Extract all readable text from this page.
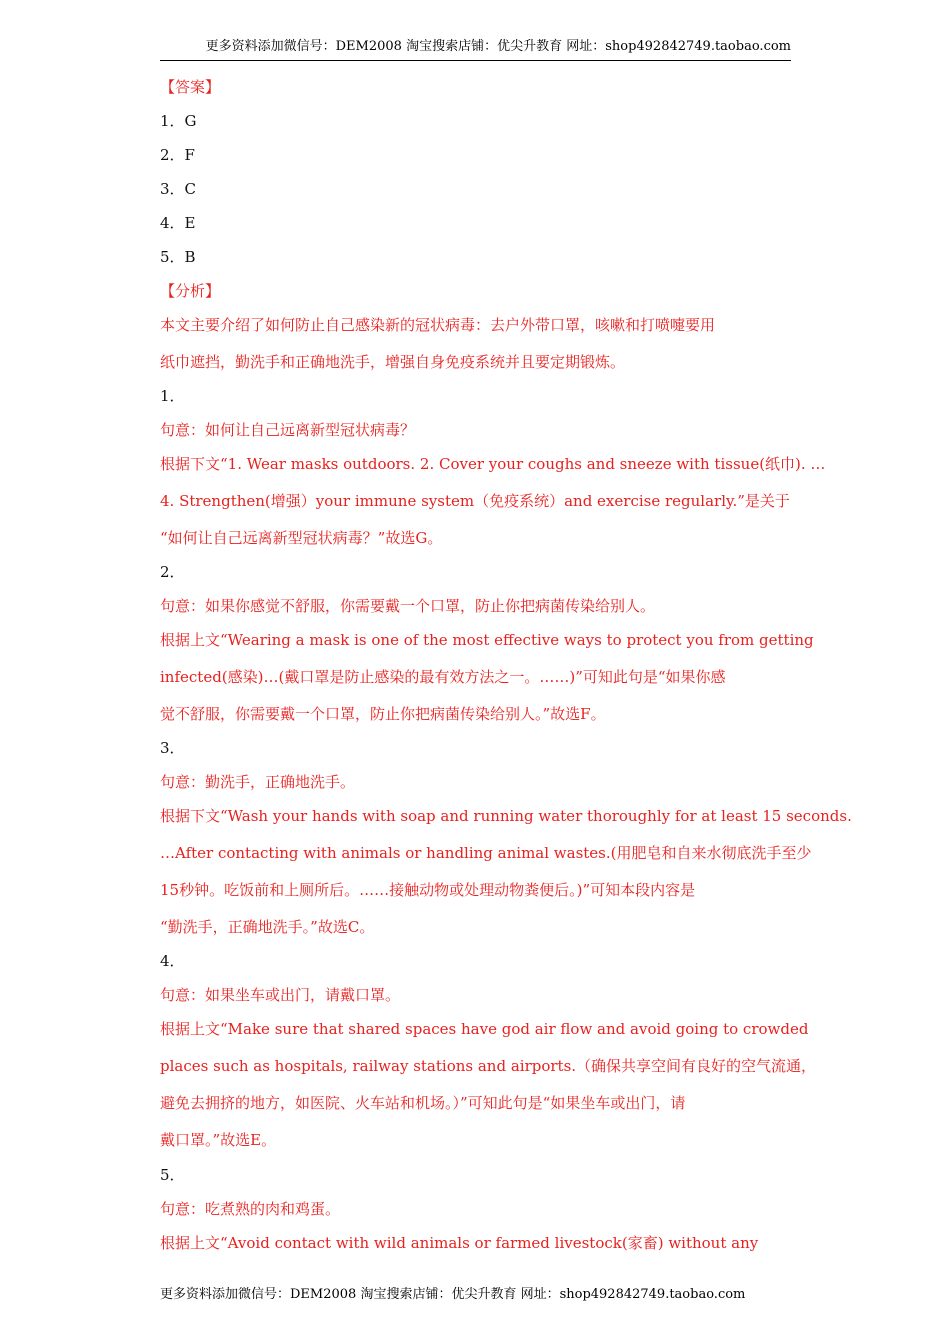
更多资料添加微信号：DEM2008 淘宝搜索店铺：优尖升教育 网址：shop492842749.taobao.com
【答案】
1．G
2．F
3．C
4．E
5．B
【分析】
本文主要介绍了如何防止自己感染新的冠状病毒：去户外带口罩，咳嗽和打喷嚏要用
纸巾遮挡，勤洗手和正确地洗手，增强自身免疫系统并且要定期锻炼。
1．
句意：如何让自己远离新型冠状病毒？
根据下文“1. Wear masks outdoors. 2. Cover your coughs and sneeze with tissue(纸巾). …
4. Strengthen(增强）your immune system（免疫系统）and exercise regularly.”是关于
“如何让自己远离新型冠状病毒？”故选G。
2．
句意：如果你感觉不舒服，你需要戴一个口罩，防止你把病菌传染给别人。
根据上文“Wearing a mask is one of the most effective ways to protect you from getting
infected(感染)…(戴口罩是防止感染的最有效方法之一。……)”可知此句是“如果你感
觉不舒服，你需要戴一个口罩，防止你把病菌传染给别人。”故选F。
3．
句意：勤洗手，正确地洗手。
根据下文“Wash your hands with soap and running water thoroughly for at least 15 seconds.
…After contacting with animals or handling animal wastes.(用肥皂和自来水彻底洗手至少
15秒钟。吃饭前和上厕所后。……接触动物或处理动物粪便后。)”可知本段内容是
“勤洗手，正确地洗手。”故选C。
4．
句意：如果坐车或出门，请戴口罩。
根据上文“Make sure that shared spaces have god air flow and avoid going to crowded
places such as hospitals, railway stations and airports.（确保共享空间有良好的空气流通，
避免去拥挤的地方，如医院、火车站和机场。）”可知此句是“如果坐车或出门，请
戴口罩。”故选E。
5．
句意：吃煮熟的肉和鸡蛋。
根据上文“Avoid contact with wild animals or farmed livestock(家畜) without any
更多资料添加微信号：DEM2008 淘宝搜索店铺：优尖升教育 网址：shop492842749.taobao.com
